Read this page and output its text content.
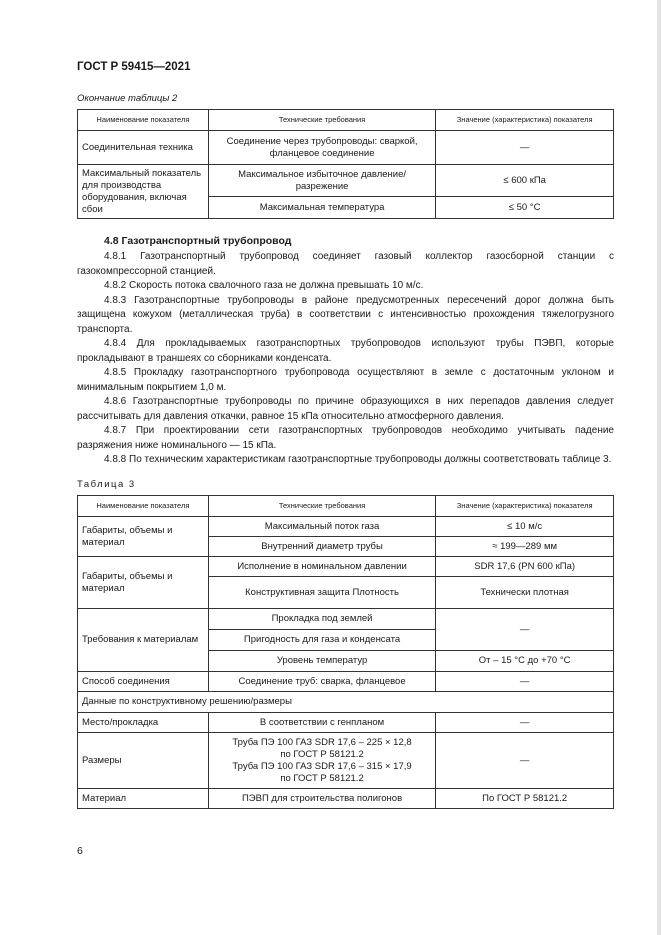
ГОСТ Р 59415—2021
Окончание таблицы 2
Наименование показателя	Технические требования	Значение (характеристика) показателя
Соединительная техника	Соединение через трубопроводы: сваркой, фланцевое соединение	—
Максимальный показатель для производства оборудования, включая сбои	Максимальное избыточное давление/ разрежение	≤ 600 кПа
	Максимальная температура	≤ 50 °С
4.8 Газотранспортный трубопровод

4.8.1 Газотранспортный трубопровод соединяет газовый коллектор газосборной станции с газокомпрессорной станцией.

4.8.2 Скорость потока свалочного газа не должна превышать 10 м/с.

4.8.3 Газотранспортные трубопроводы в районе предусмотренных пересечений дорог должна быть защищена кожухом (металлическая труба) в соответствии с интенсивностью прохождения тяжелогрузного транспорта.

4.8.4 Для прокладываемых газотранспортных трубопроводов используют трубы ПЭВП, которые прокладывают в траншеях со сборниками конденсата.

4.8.5 Прокладку газотранспортного трубопровода осуществляют в земле с достаточным уклоном и минимальным покрытием 1,0 м.

4.8.6 Газотранспортные трубопроводы по причине образующихся в них перепадов давления следует рассчитывать для давления откачки, равное 15 кПа относительно атмосферного давления.

4.8.7 При проектировании сети газотранспортных трубопроводов необходимо учитывать падение разряжения ниже номинального — 15 кПа.

4.8.8 По техническим характеристикам газотранспортные трубопроводы должны соответствовать таблице 3.

Таблица 3
Наименование показателя	Технические требования	Значение (характеристика) показателя
Габариты, объемы и материал	Максимальный поток газа	≤ 10 м/с
	Внутренний диаметр трубы	≈ 199—289 мм
Габариты, объемы и материал	Исполнение в номинальном давлении	SDR 17,6 (PN 600 кПа)
	Конструктивная защита Плотность	Технически плотная
Требования к материалам	Прокладка под землей	—
	Пригодность для газа и конденсата	
	Уровень температур	От – 15 °С до +70 °С
Способ соединения	Соединение труб: сварка, фланцевое	—
Данные по конструктивному решению/размеры		
Место/прокладка	В соответствии с генпланом	—
Размеры	Труба ПЭ 100 ГАЗ SDR 17,6 – 225 × 12,8
по ГОСТ Р 58121.2
Труба ПЭ 100 ГАЗ SDR 17,6 – 315 × 17,9
по ГОСТ Р 58121.2	—
Материал	ПЭВП для строительства полигонов	По ГОСТ Р 58121.2
6
